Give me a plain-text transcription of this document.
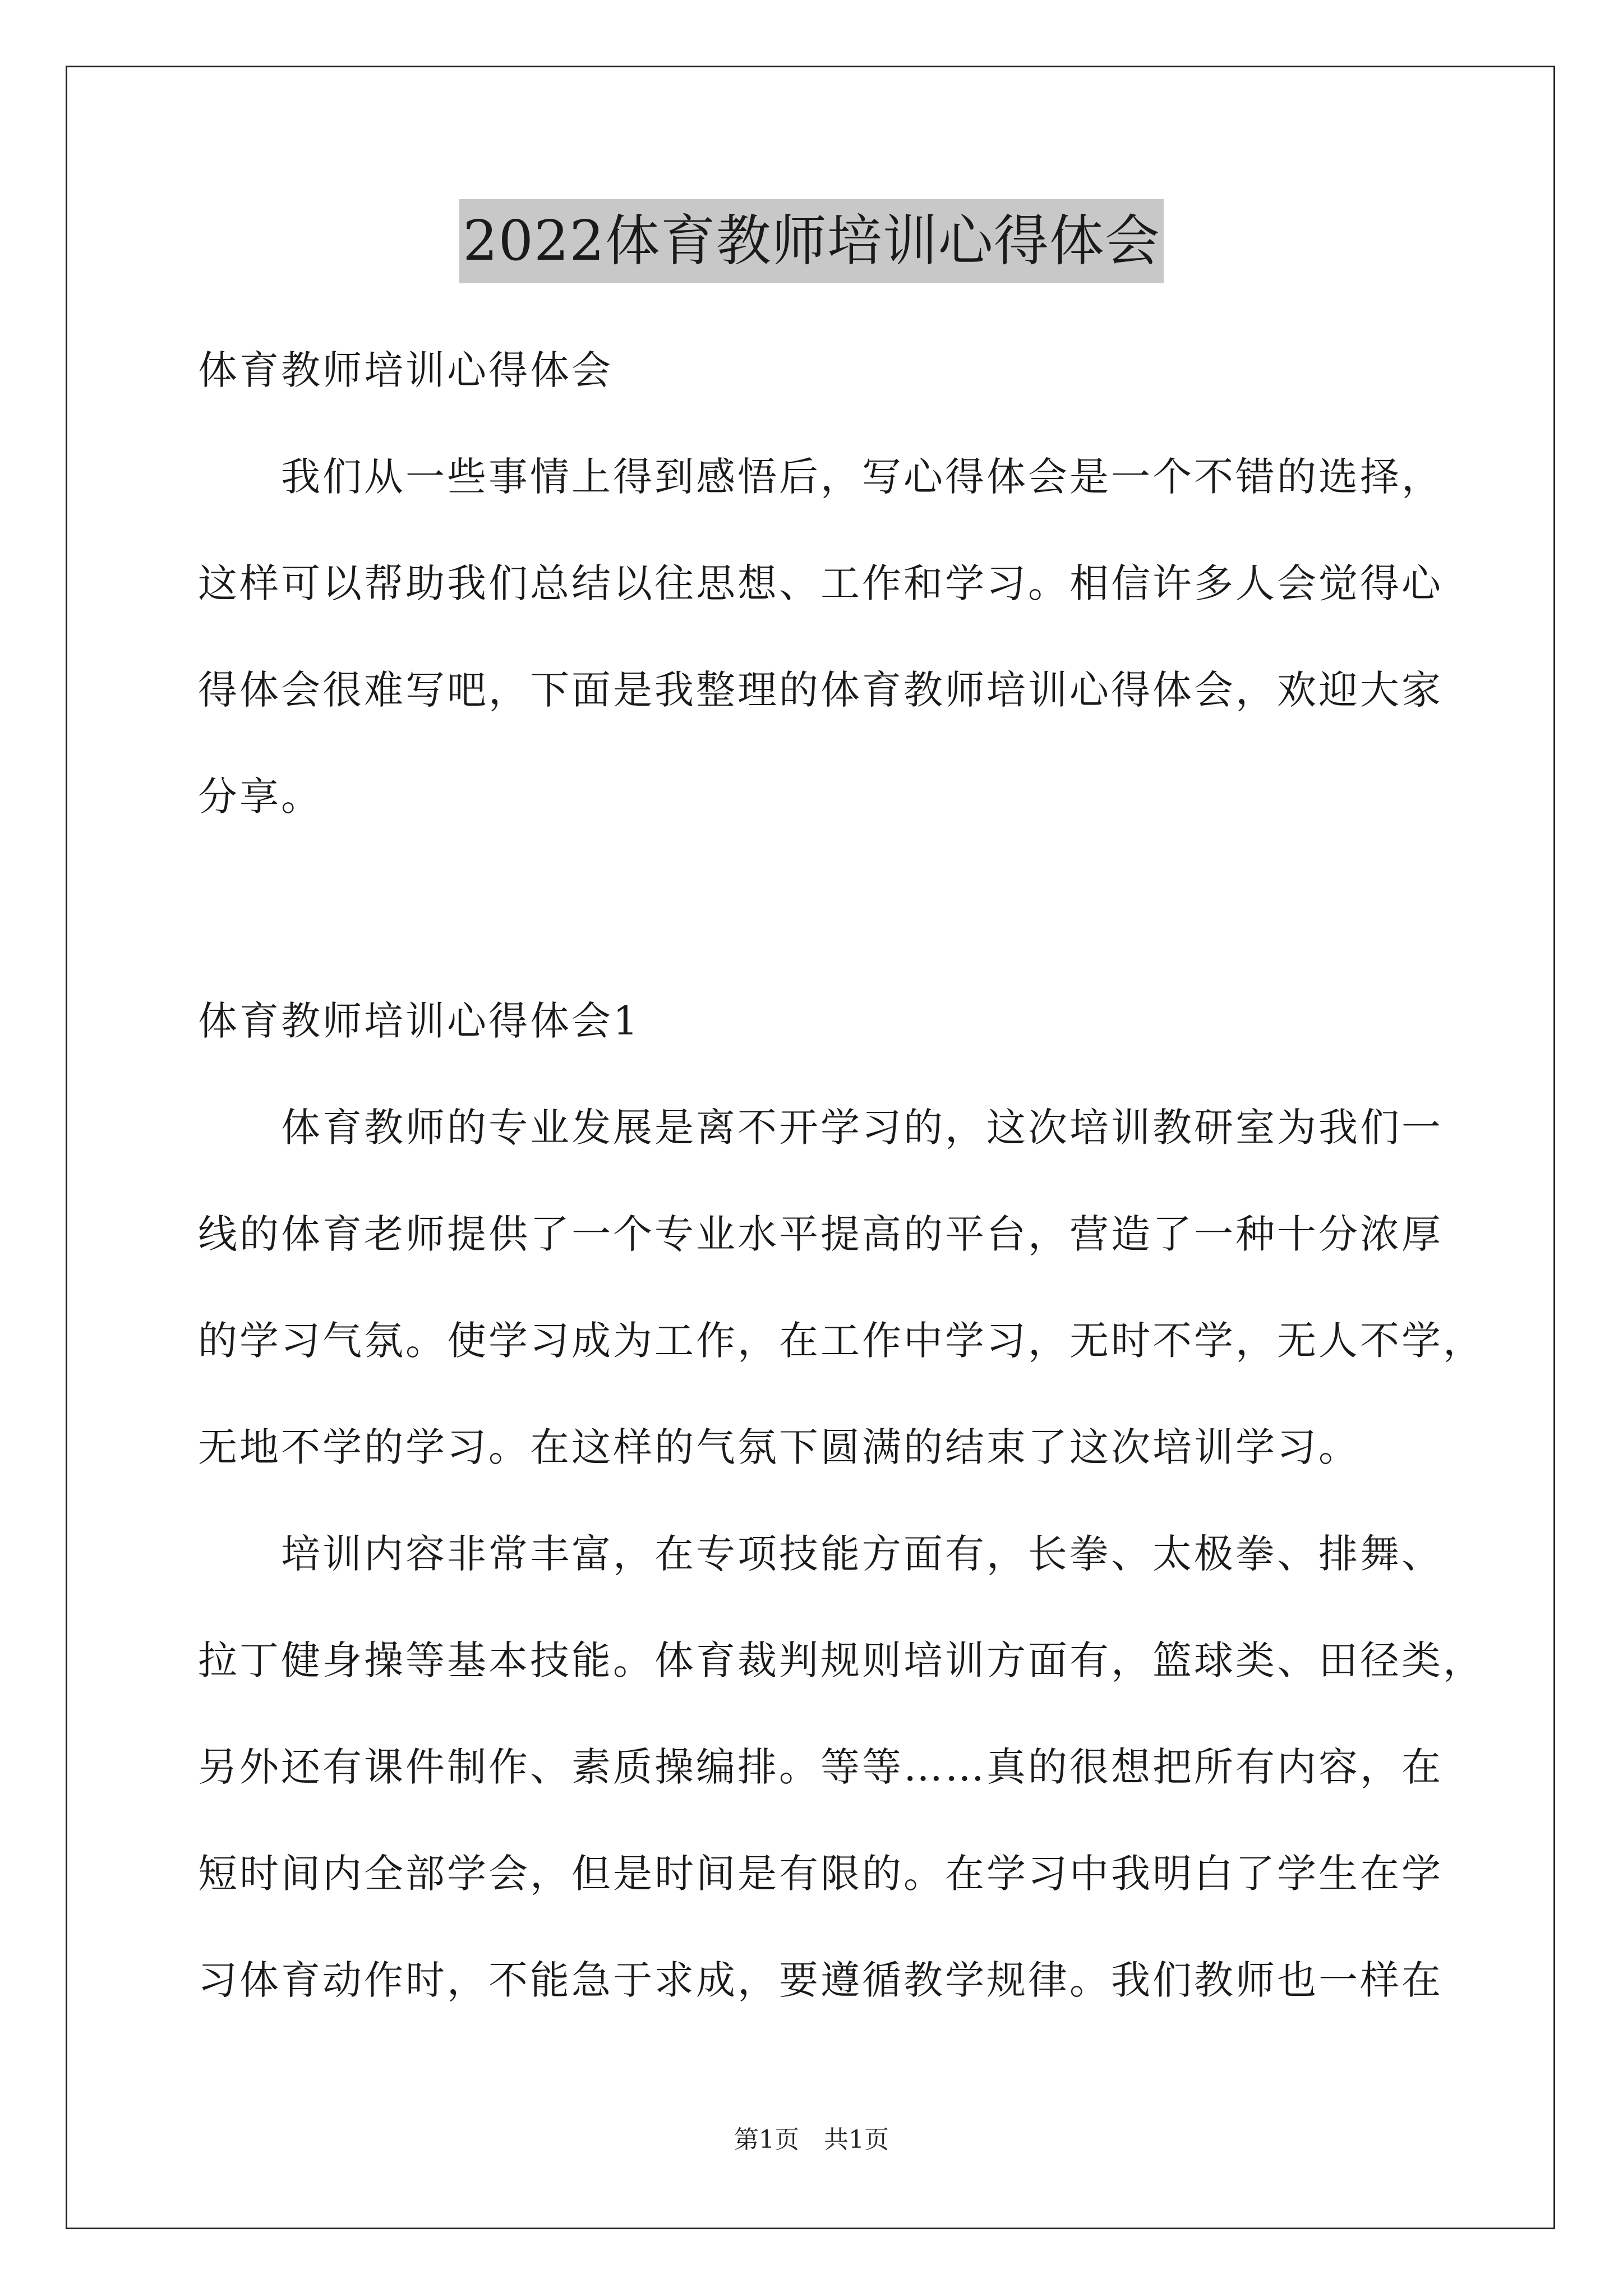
2022体育教师培训心得体会

体育教师培训心得体会

　　我们从一些事情上得到感悟后，写心得体会是一个不错的选择，

这样可以帮助我们总结以往思想、工作和学习。相信许多人会觉得心

得体会很难写吧，下面是我整理的体育教师培训心得体会，欢迎大家

分享。

体育教师培训心得体会1

　　体育教师的专业发展是离不开学习的，这次培训教研室为我们一

线的体育老师提供了一个专业水平提高的平台，营造了一种十分浓厚

的学习气氛。使学习成为工作，在工作中学习，无时不学，无人不学，

无地不学的学习。在这样的气氛下圆满的结束了这次培训学习。

　　培训内容非常丰富，在专项技能方面有，长拳、太极拳、排舞、

拉丁健身操等基本技能。体育裁判规则培训方面有，篮球类、田径类，

另外还有课件制作、素质操编排。等等……真的很想把所有内容，在

短时间内全部学会，但是时间是有限的。在学习中我明白了学生在学

习体育动作时，不能急于求成，要遵循教学规律。我们教师也一样在

第1页　共1页
